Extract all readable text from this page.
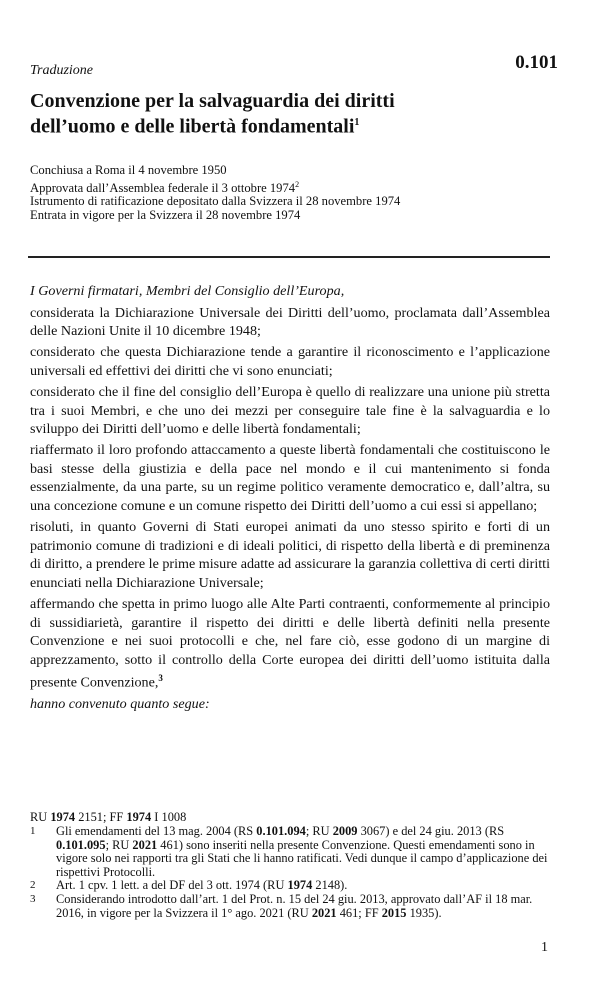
Traduzione	0.101
Convenzione per la salvaguardia dei diritti
dell’uomo e delle libertà fondamentali$^1$
Conchiusa a Roma il 4 novembre 1950
Approvata dall’Assemblea federale il 3 ottobre 1974$^2$
Istrumento di ratificazione depositato dalla Svizzera il 28 novembre 1974
Entrata in vigore per la Svizzera il 28 novembre 1974

I Governi firmatari, Membri del Consiglio dell’Europa,

considerata la Dichiarazione Universale dei Diritti dell’uomo, proclamata dall’Assemblea delle Nazioni Unite il 10 dicembre 1948;

considerato che questa Dichiarazione tende a garantire il riconoscimento e l’applicazione universali ed effettivi dei diritti che vi sono enunciati;

considerato che il fine del consiglio dell’Europa è quello di realizzare una unione più stretta tra i suoi Membri, e che uno dei mezzi per conseguire tale fine è la salvaguardia e lo sviluppo dei Diritti dell’uomo e delle libertà fondamentali;

riaffermato il loro profondo attaccamento a queste libertà fondamentali che costituiscono le basi stesse della giustizia e della pace nel mondo e il cui mantenimento si fonda essenzialmente, da una parte, su un regime politico veramente democratico e, dall’altra, su una concezione comune e un comune rispetto dei Diritti dell’uomo a cui essi si appellano;

risoluti, in quanto Governi di Stati europei animati da uno stesso spirito e forti di un patrimonio comune di tradizioni e di ideali politici, di rispetto della libertà e di preminenza di diritto, a prendere le prime misure adatte ad assicurare la garanzia collettiva di certi diritti enunciati nella Dichiarazione Universale;

affermando che spetta in primo luogo alle Alte Parti contraenti, conformemente al principio di sussidiarietà, garantire il rispetto dei diritti e delle libertà definiti nella presente Convenzione e nei suoi protocolli e che, nel fare ciò, esse godono di un margine di apprezzamento, sotto il controllo della Corte europea dei diritti dell’uomo istituita dalla presente Convenzione,$^3$

hanno convenuto quanto segue:

RU 1974 2151; FF 1974 I 1008
1 Gli emendamenti del 13 mag. 2004 (RS 0.101.094; RU 2009 3067) e del 24 giu. 2013 (RS 0.101.095; RU 2021 461) sono inseriti nella presente Convenzione. Questi emendamenti sono in vigore solo nei rapporti tra gli Stati che li hanno ratificati. Vedi dunque il campo d’applicazione dei rispettivi Protocolli.
2 Art. 1 cpv. 1 lett. a del DF del 3 ott. 1974 (RU 1974 2148).
3 Considerando introdotto dall’art. 1 del Prot. n. 15 del 24 giu. 2013, approvato dall’AF il 18 mar. 2016, in vigore per la Svizzera il 1° ago. 2021 (RU 2021 461; FF 2015 1935).
1
